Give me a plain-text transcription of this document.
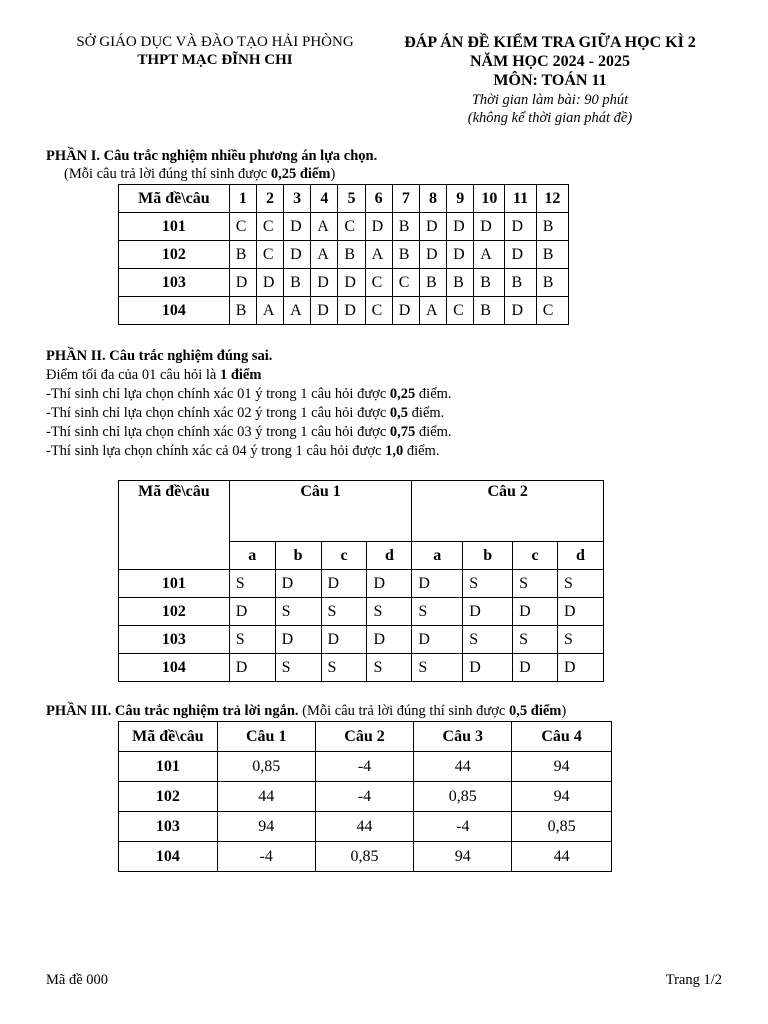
SỞ GIÁO DỤC VÀ ĐÀO TẠO HẢI PHÒNG
THPT MẠC ĐĨNH CHI
ĐÁP ÁN ĐỀ KIỂM TRA GIỮA HỌC KÌ 2
NĂM HỌC 2024 - 2025
MÔN: TOÁN 11
Thời gian làm bài: 90 phút
(không kể thời gian phát đề)
PHẦN I. Câu trắc nghiệm nhiều phương án lựa chọn.
(Mỗi câu trả lời đúng thí sinh được 0,25 điểm)
Mã đề\câu	1	2	3	4	5	6	7	8	9	10	11	12
101	C	C	D	A	C	D	B	D	D	D	D	B
102	B	C	D	A	B	A	B	D	D	A	D	B
103	D	D	B	D	D	C	C	B	B	B	B	B
104	B	A	A	D	D	C	D	A	C	B	D	C
PHẦN II. Câu trắc nghiệm đúng sai.
Điểm tối đa của 01 câu hỏi là 1 điểm
-Thí sinh chỉ lựa chọn chính xác 01 ý trong 1 câu hỏi được 0,25 điểm.
-Thí sinh chỉ lựa chọn chính xác 02 ý trong 1 câu hỏi được 0,5 điểm.
-Thí sinh chỉ lựa chọn chính xác 03 ý trong 1 câu hỏi được 0,75 điểm.
-Thí sinh lựa chọn chính xác cả 04 ý trong 1 câu hỏi được 1,0 điểm.
Mã đề\câu	Câu 1				Câu 2			
	a	b	c	d	a	b	c	d
101	S	D	D	D	D	S	S	S
102	D	S	S	S	S	D	D	D
103	S	D	D	D	D	S	S	S
104	D	S	S	S	S	D	D	D
PHẦN III. Câu trắc nghiệm trả lời ngắn. (Mỗi câu trả lời đúng thí sinh được 0,5 điểm)
Mã đề\câu	Câu 1	Câu 2	Câu 3	Câu 4
101	0,85	-4	44	94
102	44	-4	0,85	94
103	94	44	-4	0,85
104	-4	0,85	94	44
Mã đề 000	Trang 1/2
